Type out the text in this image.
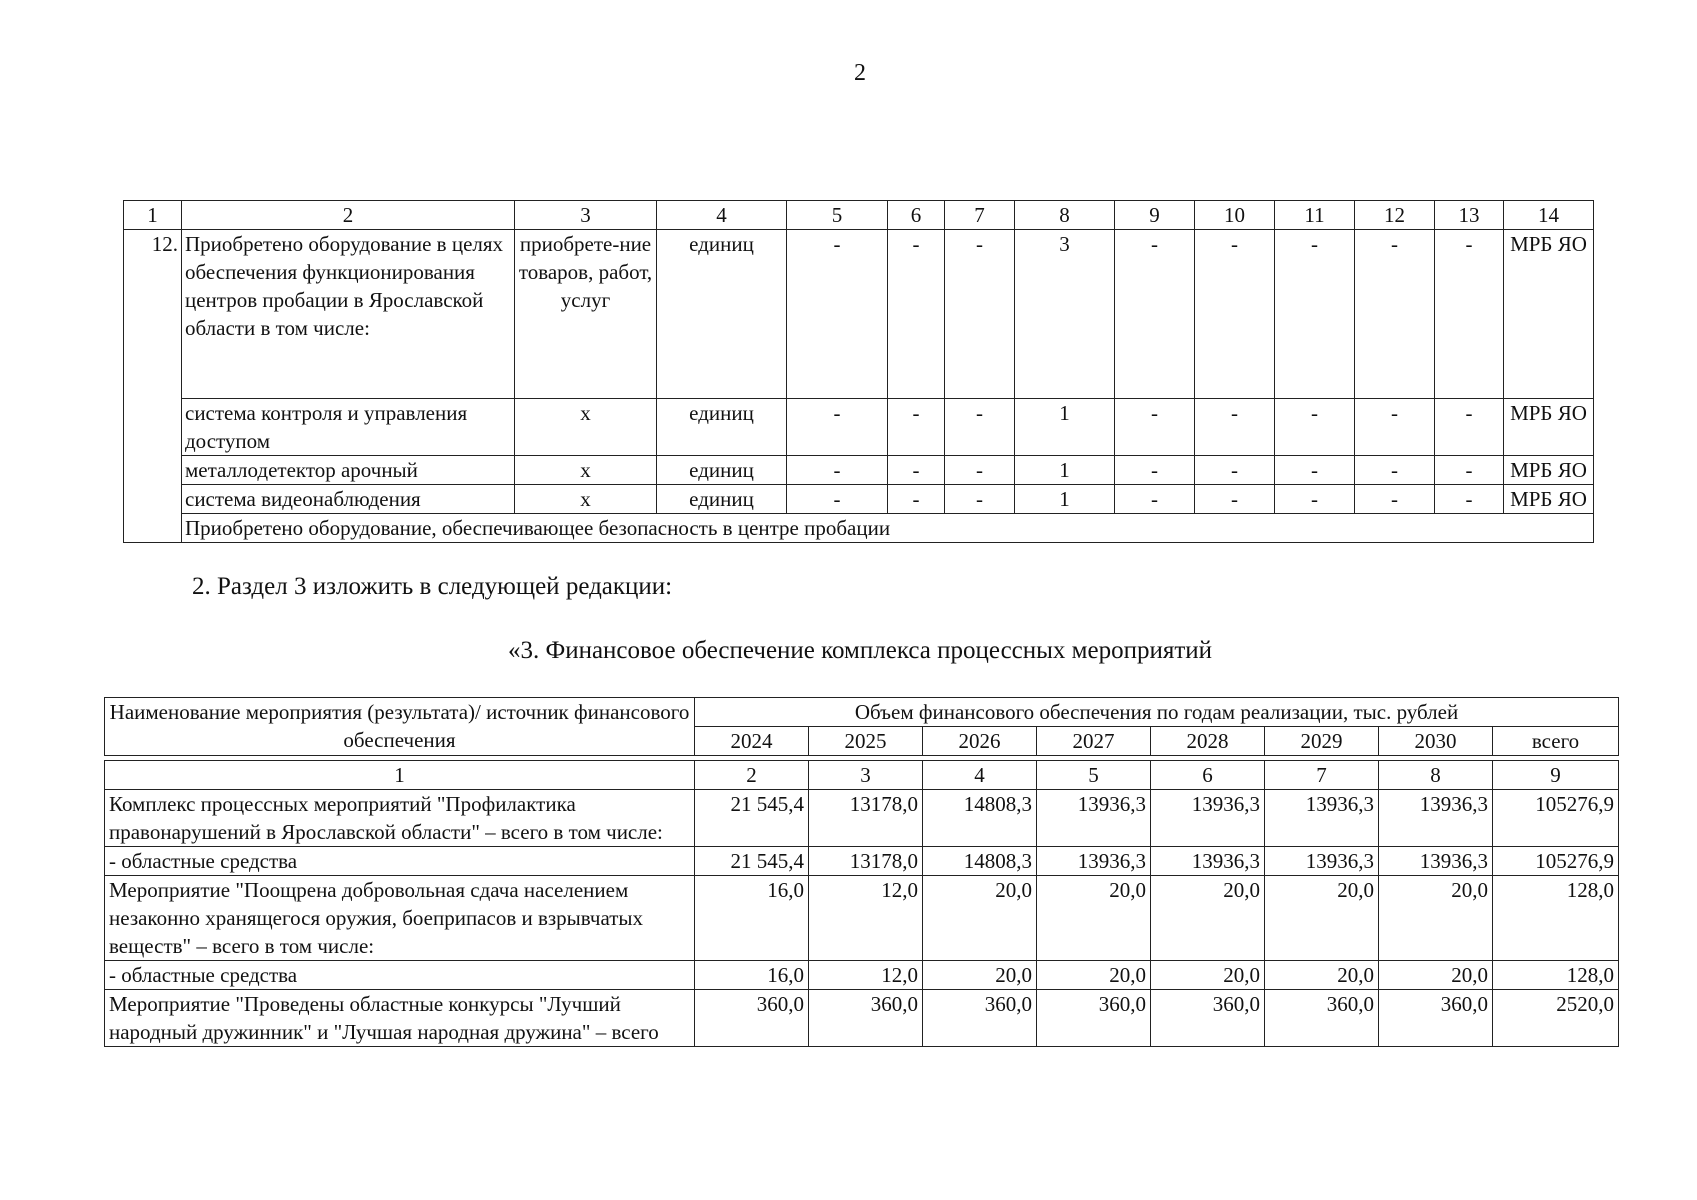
2
1	2	3	4	5	6	7	8	9	10	11	12	13	14
12.	Приобретено оборудование в целях обеспечения функционирования центров пробации в Ярославской области в том числе:	приобрете-ние товаров, работ, услуг	единиц	-	-	-	3	-	-	-	-	-	МРБ ЯО
	система контроля и управления доступом	х	единиц	-	-	-	1	-	-	-	-	-	МРБ ЯО
	металлодетектор арочный	х	единиц	-	-	-	1	-	-	-	-	-	МРБ ЯО
	система видеонаблюдения	х	единиц	-	-	-	1	-	-	-	-	-	МРБ ЯО
	Приобретено оборудование, обеспечивающее безопасность в центре пробации												
2. Раздел 3 изложить в следующей редакции:
«3. Финансовое обеспечение комплекса процессных мероприятий
Наименование мероприятия (результата)/ источник финансового обеспечения	Объем финансового обеспечения по годам реализации, тыс. рублей							
	2024	2025	2026	2027	2028	2029	2030	всего
1	2	3	4	5	6	7	8	9
Комплекс процессных мероприятий "Профилактика правонарушений в Ярославской области" – всего в том числе:	21 545,4	13178,0	14808,3	13936,3	13936,3	13936,3	13936,3	105276,9
- областные средства	21 545,4	13178,0	14808,3	13936,3	13936,3	13936,3	13936,3	105276,9
Мероприятие "Поощрена добровольная сдача населением незаконно хранящегося оружия, боеприпасов и взрывчатых веществ" – всего в том числе:	16,0	12,0	20,0	20,0	20,0	20,0	20,0	128,0
- областные средства	16,0	12,0	20,0	20,0	20,0	20,0	20,0	128,0
Мероприятие "Проведены областные конкурсы "Лучший народный дружинник" и "Лучшая народная дружина" – всего	360,0	360,0	360,0	360,0	360,0	360,0	360,0	2520,0
